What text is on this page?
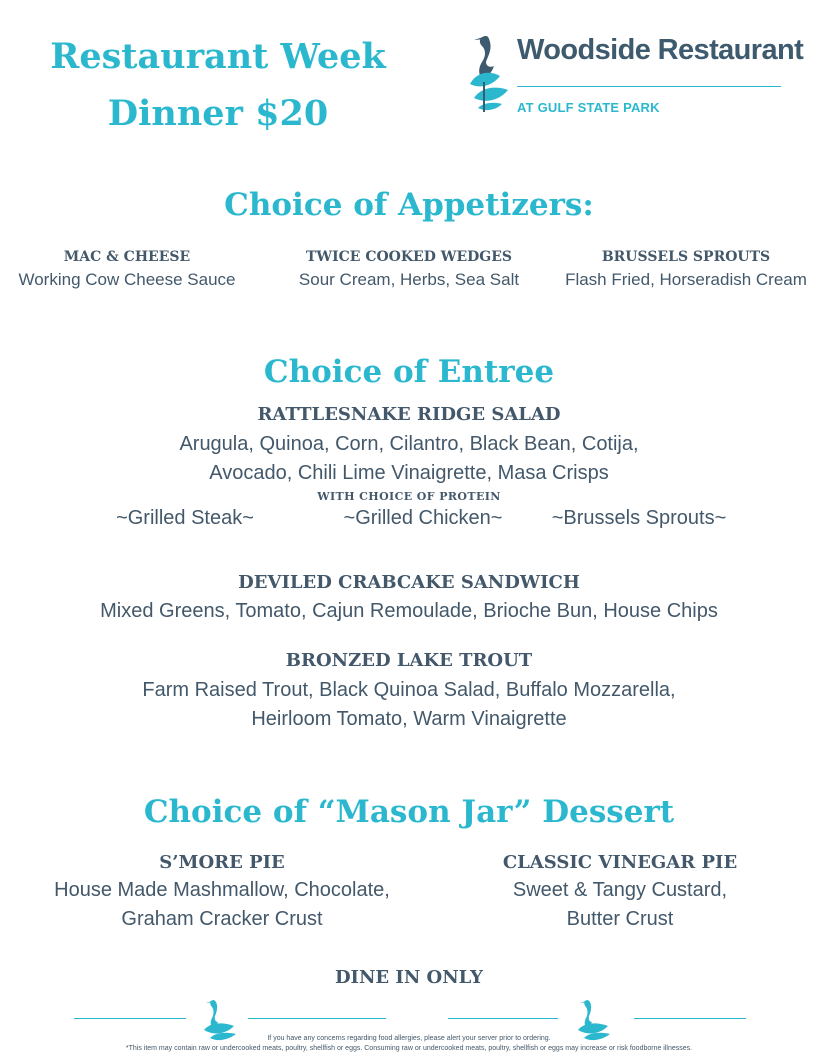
Restaurant Week
Dinner $20
Woodside Restaurant
AT GULF STATE PARK
Choice of Appetizers:
MAC & CHEESE
Working Cow Cheese Sauce
TWICE COOKED WEDGES
Sour Cream, Herbs, Sea Salt
BRUSSELS SPROUTS
Flash Fried, Horseradish Cream
Choice of Entree
RATTLESNAKE RIDGE SALAD
Arugula, Quinoa, Corn, Cilantro, Black Bean, Cotija,
Avocado, Chili Lime Vinaigrette, Masa Crisps
WITH CHOICE OF PROTEIN
~Grilled Steak~	~Grilled Chicken~	~Brussels Sprouts~
DEVILED CRABCAKE SANDWICH
Mixed Greens, Tomato, Cajun Remoulade, Brioche Bun, House Chips
BRONZED LAKE TROUT
Farm Raised Trout, Black Quinoa Salad, Buffalo Mozzarella,
Heirloom Tomato, Warm Vinaigrette
Choice of “Mason Jar” Dessert
S’MORE PIE
House Made Mashmallow, Chocolate,
Graham Cracker Crust
CLASSIC VINEGAR PIE
Sweet & Tangy Custard,
Butter Crust
DINE IN ONLY
If you have any concerns regarding food allergies, please alert your server prior to ordering.
*This item may contain raw or undercooked meats, poultry, shellfish or eggs. Consuming raw or undercooked meats, poultry, shellfish or eggs may increase or risk foodborne illnesses.
